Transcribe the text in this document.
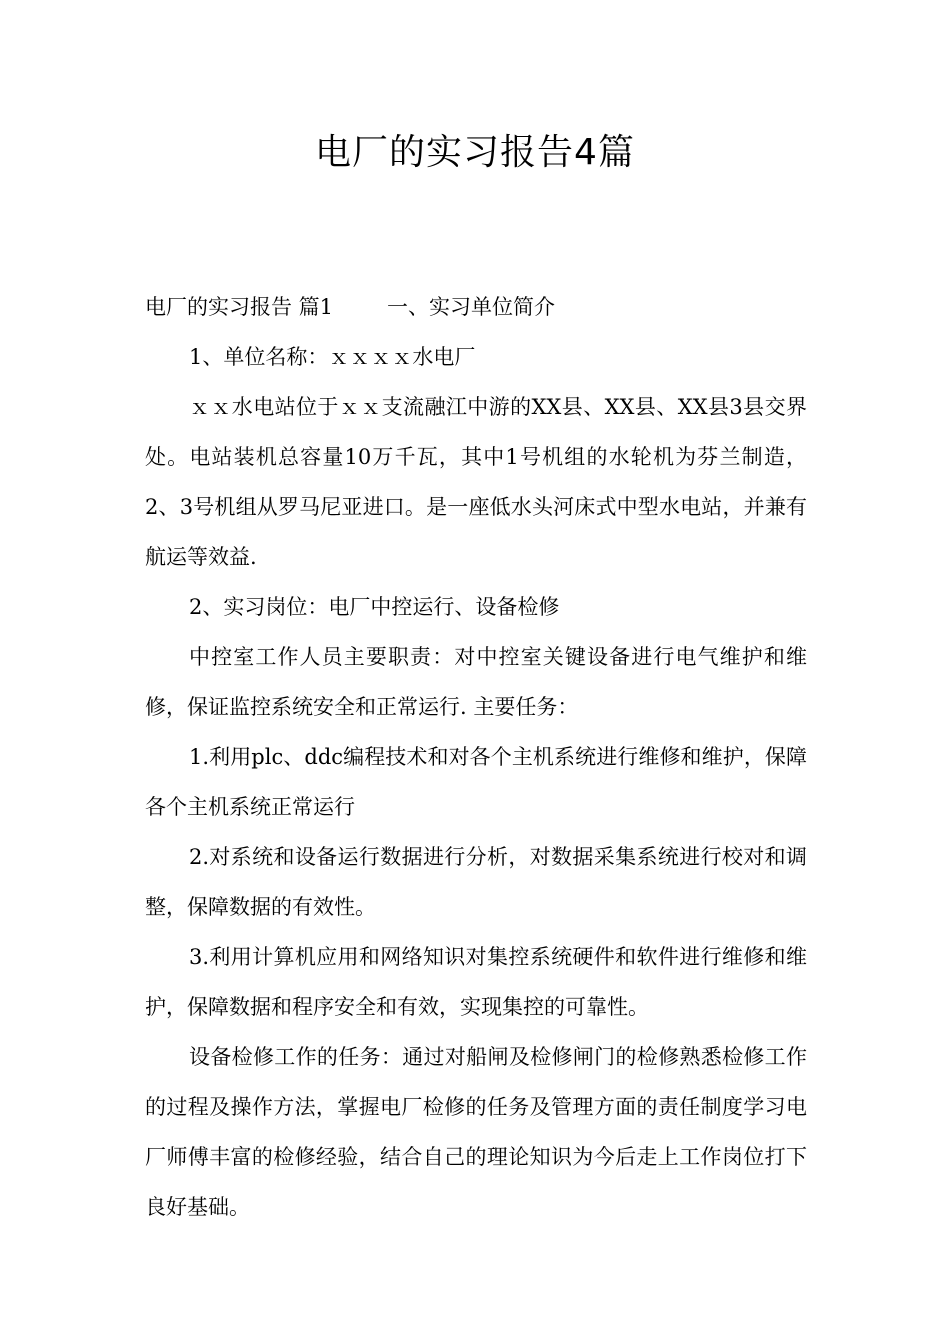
电厂的实习报告4篇

电厂的实习报告 篇1	一、实习单位简介

1、单位名称：ｘｘｘｘ水电厂

ｘｘ水电站位于ｘｘ支流融江中游的XX县、XX县、XX县3县交界处。电站装机总容量10万千瓦，其中1号机组的水轮机为芬兰制造，2、3号机组从罗马尼亚进口。是一座低水头河床式中型水电站，并兼有航运等效益.

2、实习岗位：电厂中控运行、设备检修

中控室工作人员主要职责：对中控室关键设备进行电气维护和维修，保证监控系统安全和正常运行. 主要任务：

1.利用plc、ddc编程技术和对各个主机系统进行维修和维护，保障各个主机系统正常运行

2.对系统和设备运行数据进行分析，对数据采集系统进行校对和调整，保障数据的有效性。

3.利用计算机应用和网络知识对集控系统硬件和软件进行维修和维护，保障数据和程序安全和有效，实现集控的可靠性。

设备检修工作的任务：通过对船闸及检修闸门的检修熟悉检修工作的过程及操作方法，掌握电厂检修的任务及管理方面的责任制度学习电厂师傅丰富的检修经验，结合自己的理论知识为今后走上工作岗位打下良好基础。
